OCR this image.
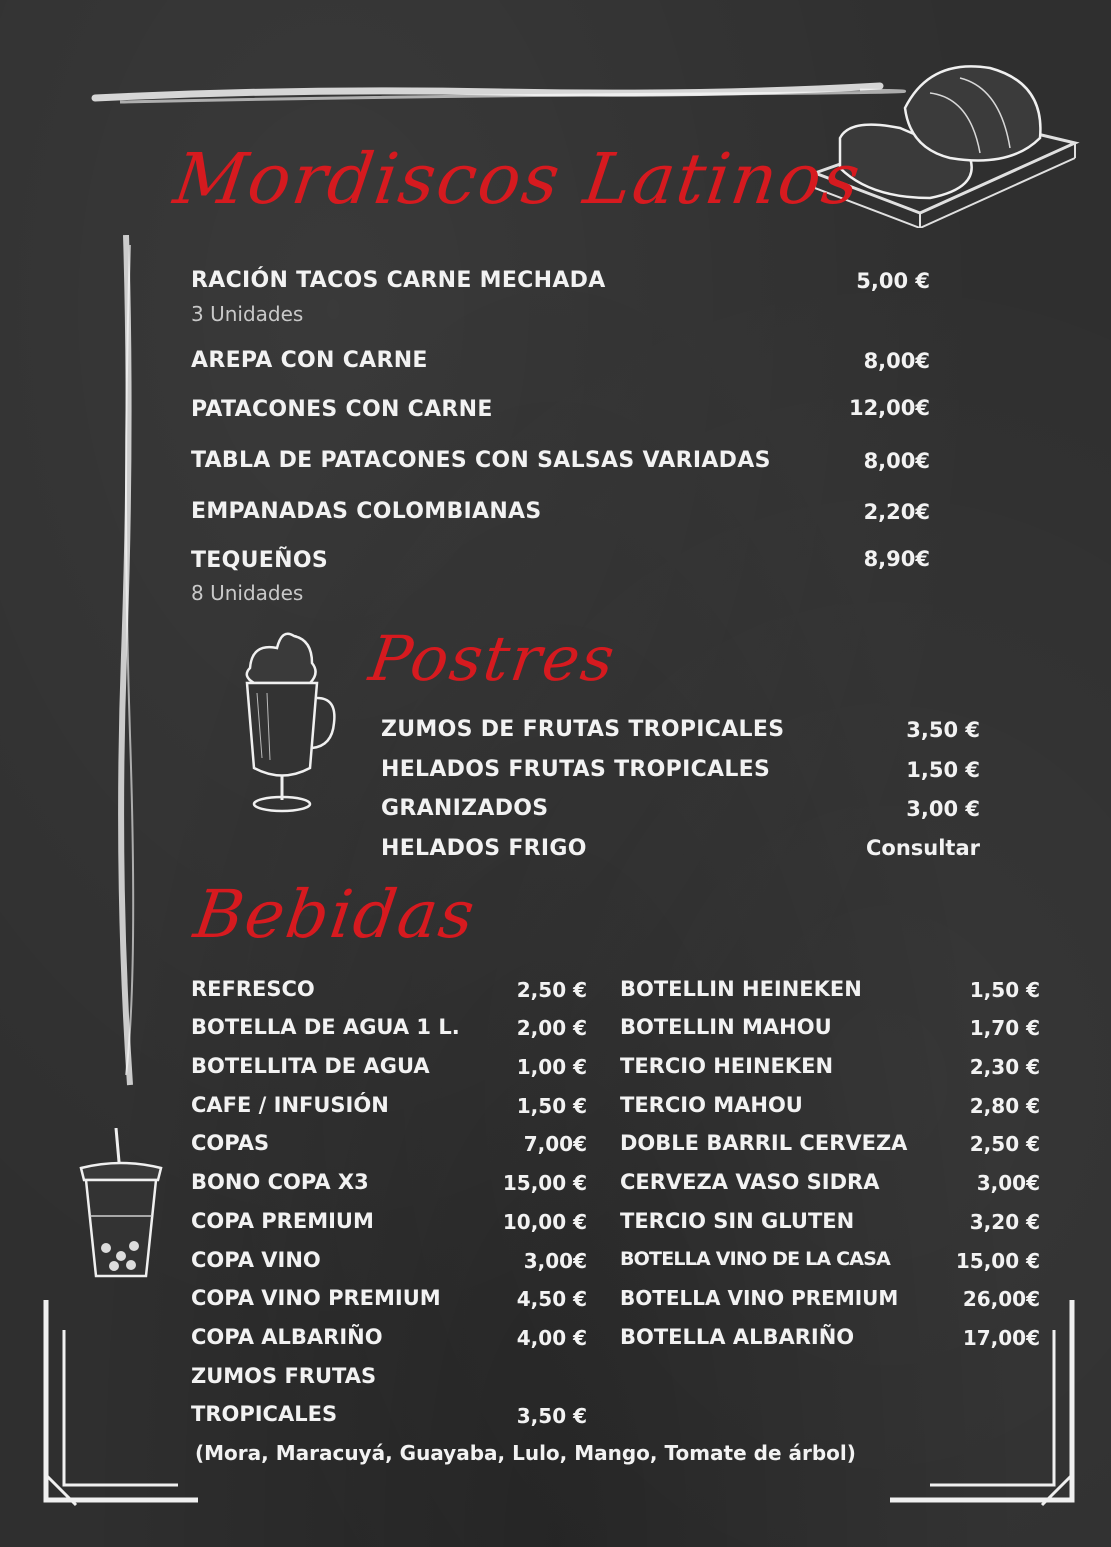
Mordiscos Latinos
RACIÓN TACOS CARNE MECHADA	5,00 €
3 Unidades
AREPA CON CARNE	8,00€
PATACONES CON CARNE	12,00€
TABLA DE PATACONES CON SALSAS VARIADAS	8,00€
EMPANADAS COLOMBIANAS	2,20€
TEQUEÑOS	8,90€
8 Unidades
Postres
ZUMOS DE FRUTAS TROPICALES	3,50 €
HELADOS FRUTAS TROPICALES	1,50 €
GRANIZADOS	3,00 €
HELADOS FRIGO	Consultar
Bebidas
REFRESCO	2,50 €
BOTELLA DE AGUA 1 L.	2,00 €
BOTELLITA DE AGUA	1,00 €
CAFE / INFUSIÓN	1,50 €
COPAS	7,00€
BONO COPA X3	15,00 €
COPA PREMIUM	10,00 €
COPA VINO	3,00€
COPA VINO PREMIUM	4,50 €
COPA ALBARIÑO	4,00 €
ZUMOS FRUTAS
TROPICALES	3,50 €
BOTELLIN HEINEKEN	1,50 €
BOTELLIN MAHOU	1,70 €
TERCIO HEINEKEN	2,30 €
TERCIO MAHOU	2,80 €
DOBLE BARRIL CERVEZA	2,50 €
CERVEZA VASO SIDRA	3,00€
TERCIO SIN GLUTEN	3,20 €
BOTELLA VINO DE LA CASA	15,00 €
BOTELLA VINO PREMIUM	26,00€
BOTELLA ALBARIÑO	17,00€
(Mora, Maracuyá, Guayaba, Lulo, Mango, Tomate de árbol)
